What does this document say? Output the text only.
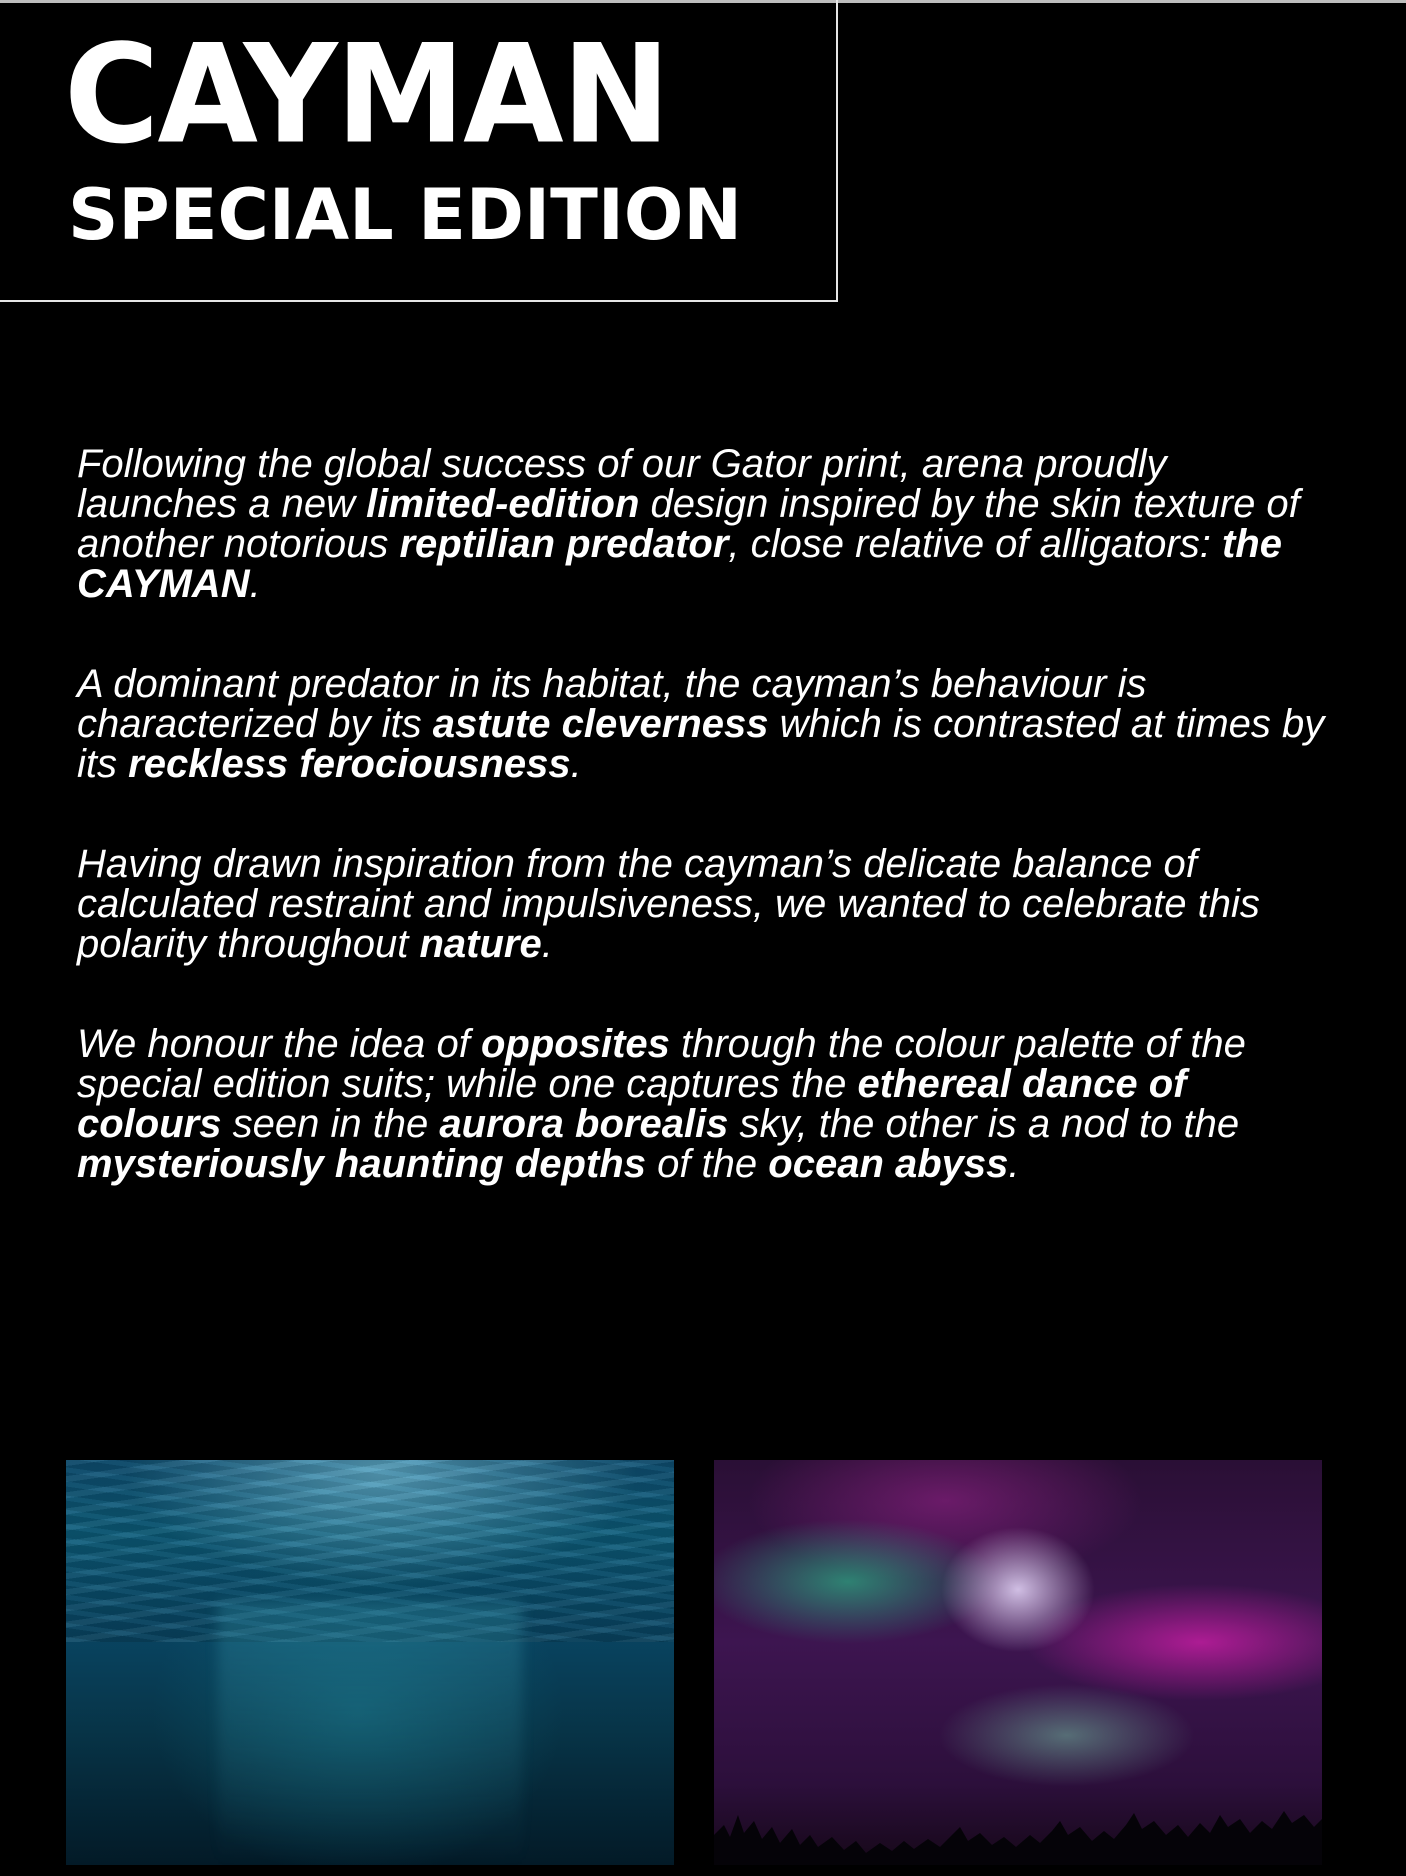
CAYMAN
SPECIAL EDITION

Following the global success of our Gator print, arena proudly launches a new limited-edition design inspired by the skin texture of another notorious reptilian predator, close relative of alligators: the CAYMAN.

A dominant predator in its habitat, the cayman’s behaviour is characterized by its astute cleverness which is contrasted at times by its reckless ferociousness.

Having drawn inspiration from the cayman’s delicate balance of calculated restraint and impulsiveness, we wanted to celebrate this polarity throughout nature.

We honour the idea of opposites through the colour palette of the special edition suits; while one captures the ethereal dance of colours seen in the aurora borealis sky, the other is a nod to the mysteriously haunting depths of the ocean abyss.
